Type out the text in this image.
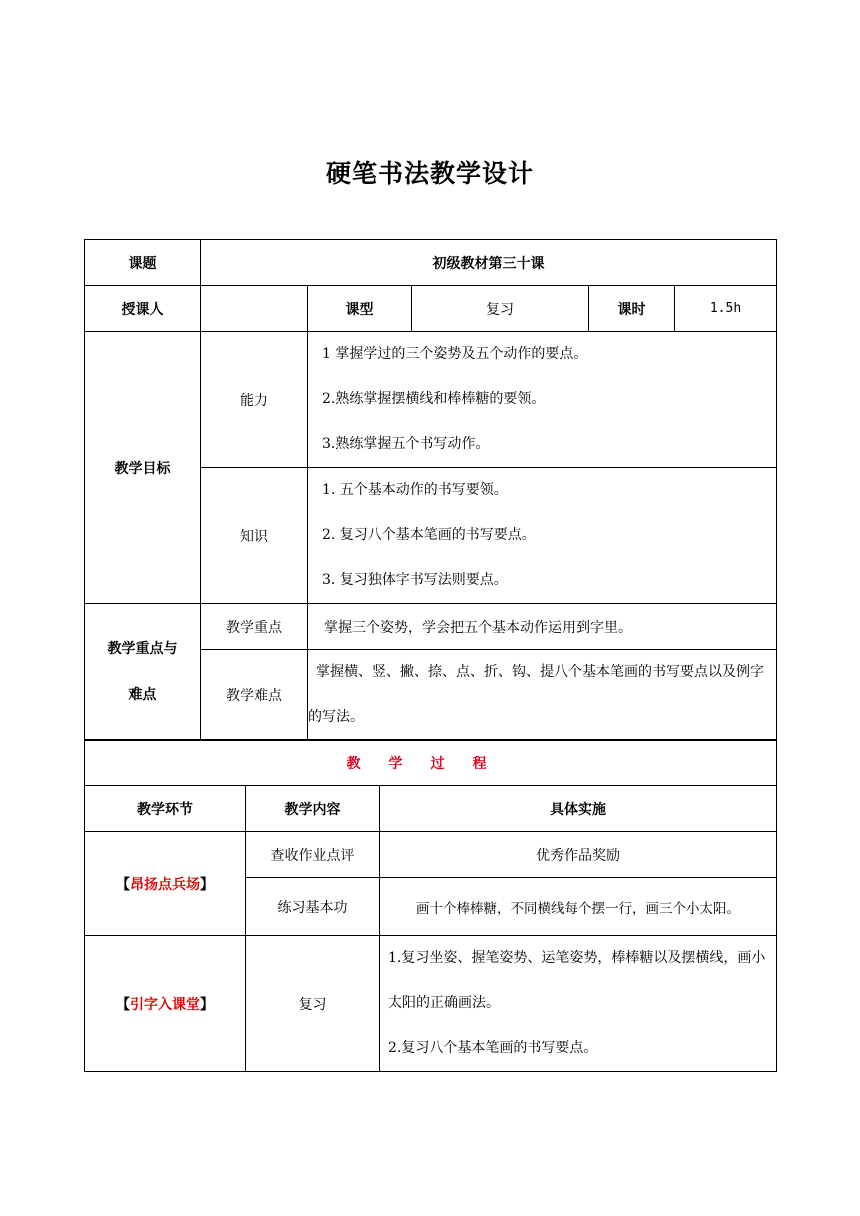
硬笔书法教学设计
课题	初级教材第三十课				
授课人		课型	复习	课时	1.5h
教学目标	能力	1 掌握学过的三个姿势及五个动作的要点。
2.熟练掌握摆横线和棒棒糖的要领。
3.熟练掌握五个书写动作。			

	知识	1. 五个基本动作的书写要领。
2. 复习八个基本笔画的书写要点。
3. 复习独体字书写法则要点。			

教学重点与
难点	教学重点	掌握三个姿势，学会把五个基本动作运用到字里。			
	教学难点	掌握横、竖、撇、捺、点、折、钩、提八个基本笔画的书写要点以及例字的写法。			
教学过程		
教学环节	教学内容	具体实施
【昂扬点兵场】	查收作业点评	优秀作品奖励
	练习基本功	画十个棒棒糖，不同横线每个摆一行，画三个小太阳。
【引字入课堂】	复习	1.复习坐姿、握笔姿势、运笔姿势，棒棒糖以及摆横线，画小太阳的正确画法。
2.复习八个基本笔画的书写要点。
